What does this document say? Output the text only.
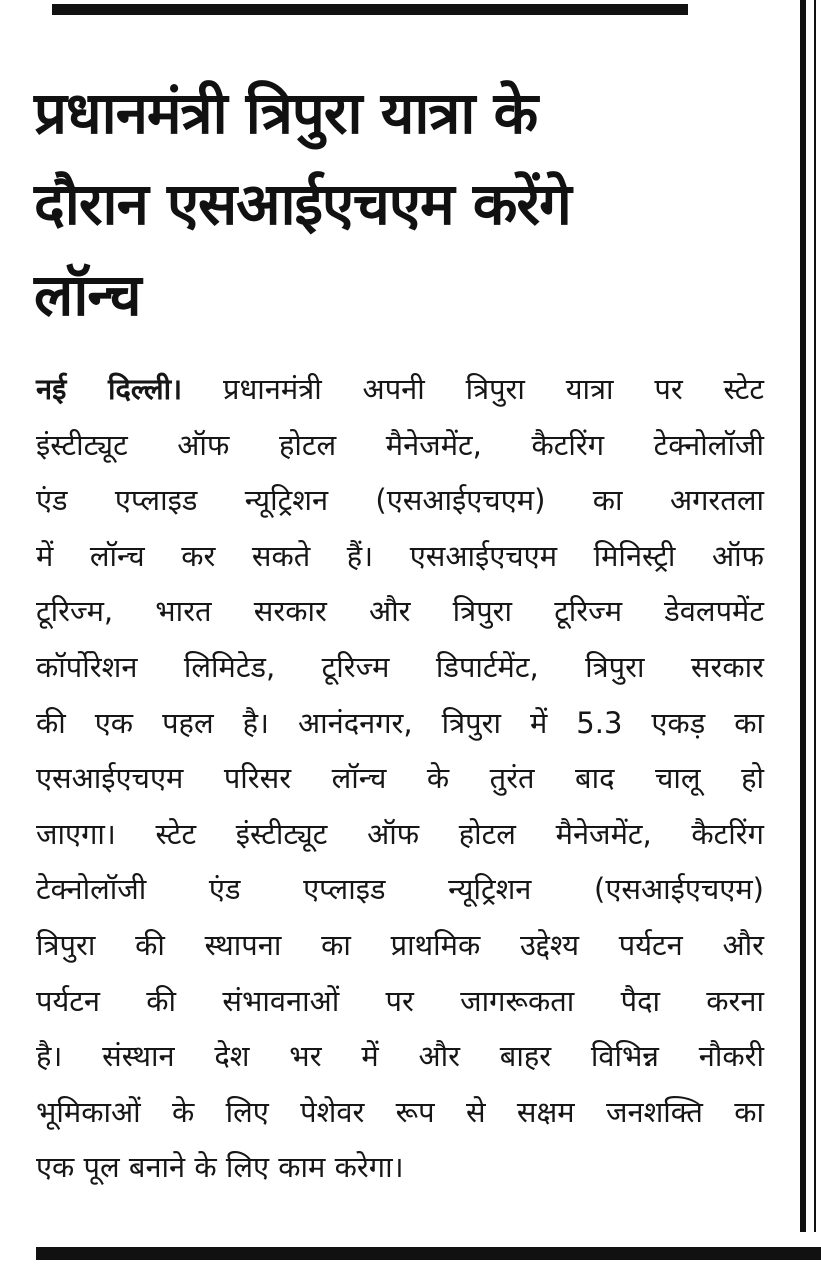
प्रधानमंत्री त्रिपुरा यात्रा के
दौरान एसआईएचएम करेंगे
लॉन्च
नई दिल्ली। प्रधानमंत्री अपनी त्रिपुरा यात्रा पर स्टेट
इंस्टीट्यूट ऑफ होटल मैनेजमेंट, कैटरिंग टेक्नोलॉजी
एंड एप्लाइड न्यूट्रिशन (एसआईएचएम) का अगरतला
में लॉन्च कर सकते हैं। एसआईएचएम मिनिस्ट्री ऑफ
टूरिज्म, भारत सरकार और त्रिपुरा टूरिज्म डेवलपमेंट
कॉर्पोरेशन लिमिटेड, टूरिज्म डिपार्टमेंट, त्रिपुरा सरकार
की एक पहल है। आनंदनगर, त्रिपुरा में 5.3 एकड़ का
एसआईएचएम परिसर लॉन्च के तुरंत बाद चालू हो
जाएगा। स्टेट इंस्टीट्यूट ऑफ होटल मैनेजमेंट, कैटरिंग
टेक्नोलॉजी एंड एप्लाइड न्यूट्रिशन (एसआईएचएम)
त्रिपुरा की स्थापना का प्राथमिक उद्देश्य पर्यटन और
पर्यटन की संभावनाओं पर जागरूकता पैदा करना
है। संस्थान देश भर में और बाहर विभिन्न नौकरी
भूमिकाओं के लिए पेशेवर रूप से सक्षम जनशक्ति का
एक पूल बनाने के लिए काम करेगा।
